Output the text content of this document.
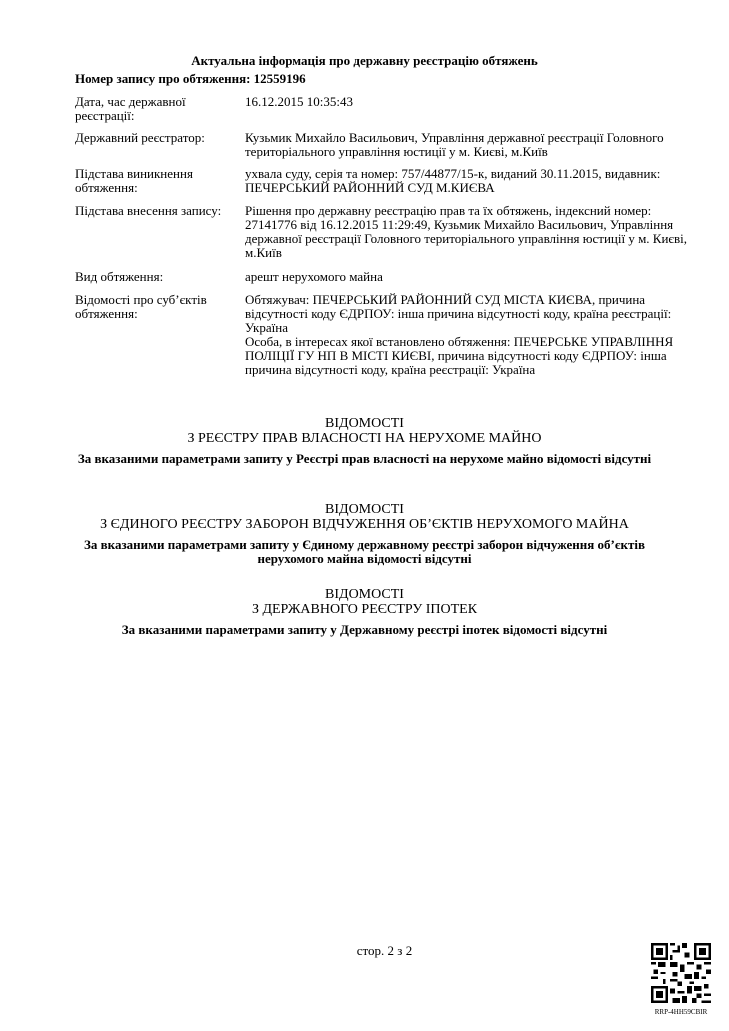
Актуальна інформація про державну реєстрацію обтяжень
Номер запису про обтяження: 12559196
Дата, час державної реєстрації:
16.12.2015 10:35:43
Державний реєстратор:	Кузьмик Михайло Васильович, Управління державної реєстрації Головного територіального управління юстиції у м. Києві, м.Київ
Підстава виникнення обтяження:
ухвала суду, серія та номер: 757/44877/15-к, виданий 30.11.2015, видавник: ПЕЧЕРСЬКИЙ РАЙОННИЙ СУД М.КИЄВА
Підстава внесення запису:	Рішення про державну реєстрацію прав та їх обтяжень, індексний номер: 27141776 від 16.12.2015 11:29:49, Кузьмик Михайло Васильович, Управління державної реєстрації Головного територіального управління юстиції у м. Києві, м.Київ
Вид обтяження:	арешт нерухомого майна
Відомості про суб’єктів обтяження:
Обтяжувач: ПЕЧЕРСЬКИЙ РАЙОННИЙ СУД МІСТА КИЄВА, причина відсутності коду ЄДРПОУ: інша причина відсутності коду, країна реєстрації: Україна
Особа, в інтересах якої встановлено обтяження: ПЕЧЕРСЬКЕ УПРАВЛІННЯ ПОЛІЦІЇ ГУ НП В МІСТІ КИЄВІ, причина відсутності коду ЄДРПОУ: інша причина відсутності коду, країна реєстрації: Україна
ВІДОМОСТІ
З РЕЄСТРУ ПРАВ ВЛАСНОСТІ НА НЕРУХОМЕ МАЙНО
За вказаними параметрами запиту у Реєстрі прав власності на нерухоме майно відомості відсутні
ВІДОМОСТІ
З ЄДИНОГО РЕЄСТРУ ЗАБОРОН ВІДЧУЖЕННЯ ОБ’ЄКТІВ НЕРУХОМОГО МАЙНА
За вказаними параметрами запиту у Єдиному державному реєстрі заборон відчуження об’єктів нерухомого майна відомості відсутні
ВІДОМОСТІ
З ДЕРЖАВНОГО РЕЄСТРУ ІПОТЕК
За вказаними параметрами запиту у Державному реєстрі іпотек відомості відсутні
стор. 2 з 2
RRP-4HH59CBIR
